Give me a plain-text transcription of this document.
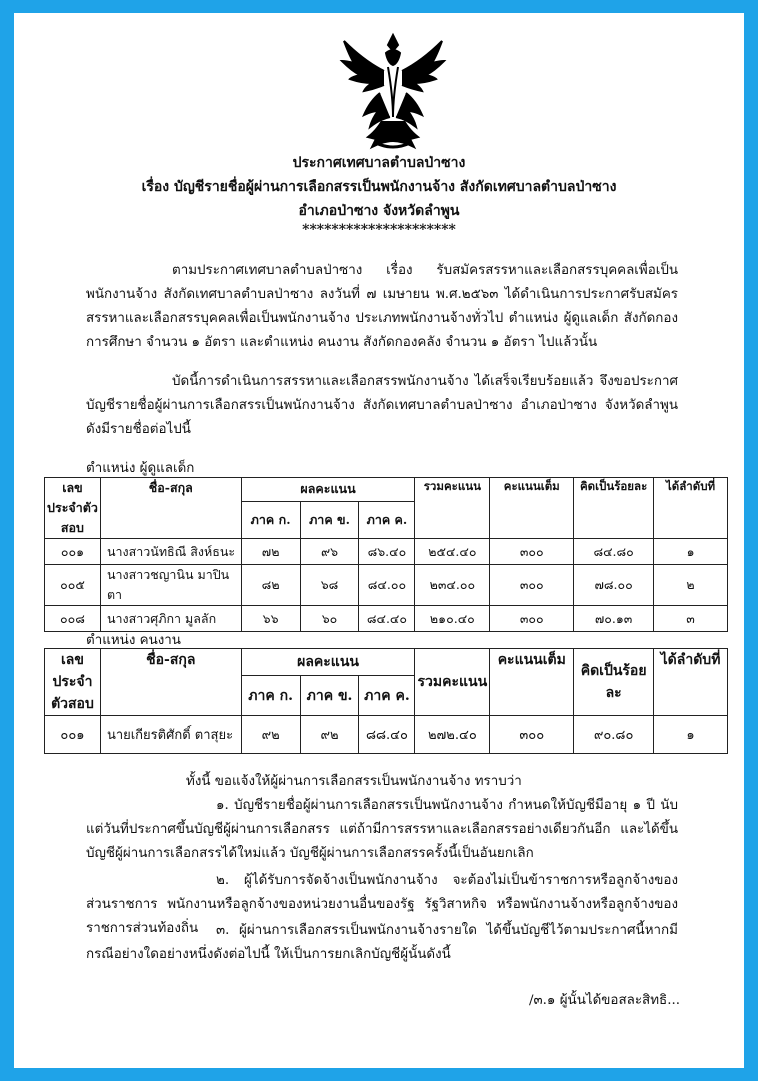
ประกาศเทศบาลตำบลป่าซาง
เรื่อง บัญชีรายชื่อผู้ผ่านการเลือกสรรเป็นพนักงานจ้าง สังกัดเทศบาลตำบลป่าซาง
อำเภอป่าซาง จังหวัดลำพูน
*********************
ตามประกาศเทศบาลตำบลป่าซาง เรื่อง รับสมัครสรรหาและเลือกสรรบุคคลเพื่อเป็นพนักงานจ้าง สังกัดเทศบาลตำบลป่าซาง ลงวันที่ ๗ เมษายน พ.ศ.๒๕๖๓ ได้ดำเนินการประกาศรับสมัครสรรหาและเลือกสรรบุคคลเพื่อเป็นพนักงานจ้าง ประเภทพนักงานจ้างทั่วไป ตำแหน่ง ผู้ดูแลเด็ก สังกัดกองการศึกษา จำนวน ๑ อัตรา และตำแหน่ง คนงาน สังกัดกองคลัง จำนวน ๑ อัตรา ไปแล้วนั้น
บัดนี้การดำเนินการสรรหาและเลือกสรรพนักงานจ้าง ได้เสร็จเรียบร้อยแล้ว จึงขอประกาศบัญชีรายชื่อผู้ผ่านการเลือกสรรเป็นพนักงานจ้าง สังกัดเทศบาลตำบลป่าซาง อำเภอป่าซาง จังหวัดลำพูน ดังมีรายชื่อต่อไปนี้
ตำแหน่ง ผู้ดูแลเด็ก
เลขประจำตัวสอบ	ชื่อ-สกุล	ผลคะแนน			รวมคะแนน	คะแนนเต็ม	คิดเป็นร้อยละ	ได้ลำดับที่
		ภาค ก.	ภาค ข.	ภาค ค.				
๐๐๑	นางสาวนัทธิณี สิงห์ธนะ	๗๒	๙๖	๘๖.๔๐	๒๕๔.๔๐	๓๐๐	๘๔.๘๐	๑
๐๐๕	นางสาวชญานิน มาปินตา	๘๒	๖๘	๘๔.๐๐	๒๓๔.๐๐	๓๐๐	๗๘.๐๐	๒
๐๐๘	นางสาวศุภิกา มูลลัก	๖๖	๖๐	๘๔.๔๐	๒๑๐.๔๐	๓๐๐	๗๐.๑๓	๓
ตำแหน่ง คนงาน
เลขประจำตัวสอบ	ชื่อ-สกุล	ผลคะแนน			รวมคะแนน	คะแนนเต็ม	คิดเป็นร้อยละ	ได้ลำดับที่
		ภาค ก.	ภาค ข.	ภาค ค.				
๐๐๑	นายเกียรติศักดิ์ ตาสุยะ	๙๒	๙๒	๘๘.๔๐	๒๗๒.๔๐	๓๐๐	๙๐.๘๐	๑
ทั้งนี้ ขอแจ้งให้ผู้ผ่านการเลือกสรรเป็นพนักงานจ้าง ทราบว่า
๑. บัญชีรายชื่อผู้ผ่านการเลือกสรรเป็นพนักงานจ้าง กำหนดให้บัญชีมีอายุ ๑ ปี นับแต่วันที่ประกาศขึ้นบัญชีผู้ผ่านการเลือกสรร แต่ถ้ามีการสรรหาและเลือกสรรอย่างเดียวกันอีก และได้ขึ้นบัญชีผู้ผ่านการเลือกสรรได้ใหม่แล้ว บัญชีผู้ผ่านการเลือกสรรครั้งนี้เป็นอันยกเลิก
๒. ผู้ได้รับการจัดจ้างเป็นพนักงานจ้าง จะต้องไม่เป็นข้าราชการหรือลูกจ้างของส่วนราชการ พนักงานหรือลูกจ้างของหน่วยงานอื่นของรัฐ รัฐวิสาหกิจ หรือพนักงานจ้างหรือลูกจ้างของราชการส่วนท้องถิ่น	๓. ผู้ผ่านการเลือกสรรเป็นพนักงานจ้างรายใด ได้ขึ้นบัญชีไว้ตามประกาศนี้หากมีกรณีอย่างใดอย่างหนึ่งดังต่อไปนี้ ให้เป็นการยกเลิกบัญชีผู้นั้นดังนี้
/๓.๑ ผู้นั้นได้ขอสละสิทธิ...
